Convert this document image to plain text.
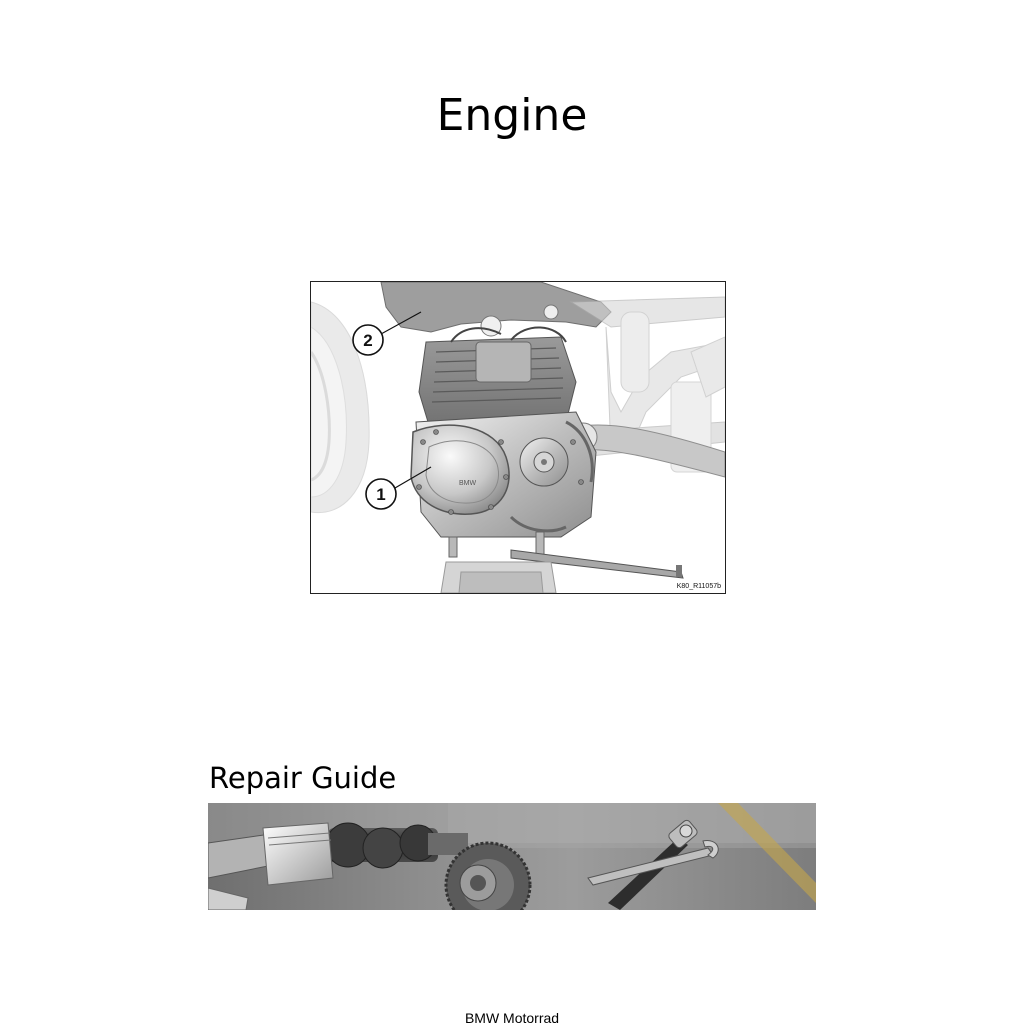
Engine
BMW
2
1
K80_R11057b
Repair Guide
BMW Motorrad
